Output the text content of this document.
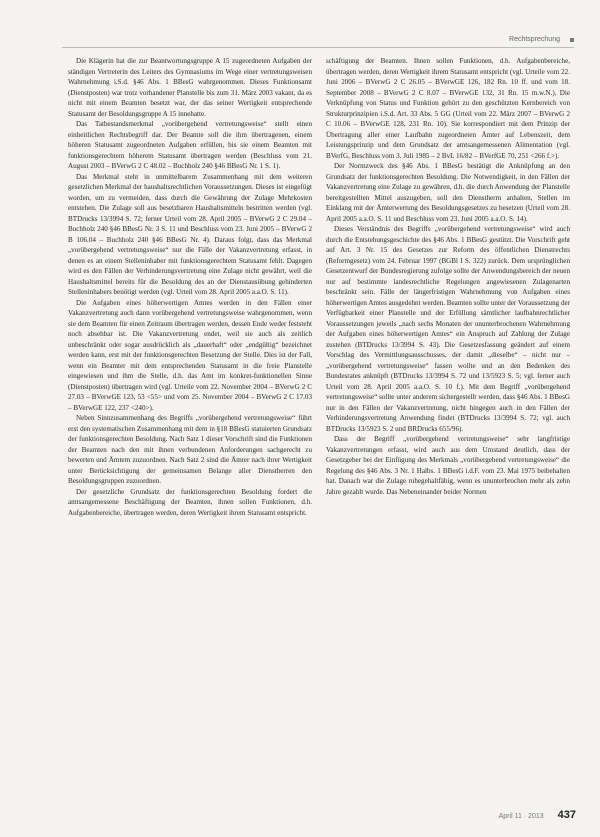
Rechtsprechung

Die Klägerin hat die zur Beantwortungsgruppe A 15 zugeordneten Aufgaben der ständigen Vertreterin des Leiters des Gymnasiums im Wege einer vertretungsweisen Wahrnehmung i.S.d. §46 Abs. 1 BBesG wahrgenommen. Dieses Funktionsamt (Dienstposten) war trotz vorhandener Planstelle bis zum 31. März 2003 vakant, da es nicht mit einem Beamten besetzt war, der das seiner Wertigkeit entsprechende Statusamt der Besoldungsgruppe A 15 innehatte.

Das Tatbestandsmerkmal „vorübergehend vertretungsweise“ stellt einen einheitlichen Rechtsbegriff dar. Der Beamte soll die ihm übertragenen, einem höheren Statusamt zugeordneten Aufgaben erfüllen, bis sie einem Beamten mit funktionsgerechtem höherem Statusamt übertragen werden (Beschluss vom 21. August 2003 – BVerwG 2 C 48.02 – Buchholz 240 §46 BBesG Nr. 1 S. 1).

Das Merkmal steht in unmittelbarem Zusammenhang mit dem weiteren gesetzlichen Merkmal der haushaltsrechtlichen Voraussetzungen. Dieses ist eingefügt worden, um zu vermeiden, dass durch die Gewährung der Zulage Mehrkosten entstehen. Die Zulage soll aus besetzbaren Haushaltsmitteln bestritten werden (vgl. BTDrucks 13/3994 S. 72; ferner Urteil vom 28. April 2005 – BVerwG 2 C 29.04 – Buchholz 240 §46 BBesG Nr. 3 S. 11 und Beschluss vom 23. Juni 2005 – BVerwG 2 B 106.04 – Buchholz 240 §46 BBesG Nr. 4). Daraus folgt, dass das Merkmal „vorübergehend vertretungsweise“ nur die Fälle der Vakanzvertretung erfasst, in denen es an einem Stelleninhaber mit funktionsgerechtem Statusamt fehlt. Dagegen wird es den Fällen der Verhinderungsvertretung eine Zulage nicht gewährt, weil die Haushaltsmittel bereits für die Besoldung des an der Dienstausübung gehinderten Stelleninhabers benötigt werden (vgl. Urteil vom 28. April 2005 a.a.O. S. 11).

Die Aufgaben eines höherwertigen Amtes werden in den Fällen einer Vakanzvertretung auch dann vorübergehend vertretungsweise wahrgenommen, wenn sie dem Beamten für einen Zeitraum übertragen werden, dessen Ende weder feststeht noch absehbar ist. Die Vakanzvertretung endet, weil sie auch als zeitlich unbeschränkt oder sogar ausdrücklich als „dauerhaft“ oder „endgültig“ bezeichnet werden kann, erst mit der funktionsgerechten Besetzung der Stelle. Dies ist der Fall, wenn ein Beamter mit dem entsprechenden Statusamt in die freie Planstelle eingewiesen und ihm die Stelle, d.h. das Amt im konkret-funktionellen Sinne (Dienstposten) übertragen wird (vgl. Urteile vom 22. November 2004 – BVerwG 2 C 27.03 – BVerwGE 123, 53 <55> und vom 25. November 2004 – BVerwG 2 C 17.03 – BVerwGE 122, 237 <240>).

Neben Sinnzusammenhang des Begriffs „vorübergehend vertretungsweise“ führt erst den systematischen Zusammenhang mit dem in §18 BBesG statuierten Grundsatz der funktionsgerechten Besoldung. Nach Satz 1 dieser Vorschrift sind die Funktionen der Beamten nach den mit ihnen verbundenen Anforderungen sachgerecht zu bewerten und Ämtern zuzuordnen. Nach Satz 2 sind die Ämter nach ihrer Wertigkeit unter Berücksichtigung der gemeinsamen Belange aller Dienstherren den Besoldungsgruppen zuzuordnen.

Der gesetzliche Grundsatz der funktionsgerechten Besoldung fordert die amtsangemessene Beschäftigung der Beamten, ihnen sollen Funktionen, d.h. Aufgabenbereiche, übertragen werden, deren Wertigkeit ihrem Statusamt entspricht.

schäftigung der Beamten. Ihnen sollen Funktionen, d.h. Aufgabenbereiche, übertragen werden, deren Wertigkeit ihrem Statusamt entspricht (vgl. Urteile vom 22. Juni 2006 – BVerwG 2 C 26.05 – BVerwGE 126, 182 Rn. 10 ff. und vom 18. September 2008 – BVerwG 2 C 8.07 – BVerwGE 132, 31 Rn. 15 m.w.N.). Die Verknüpfung von Status und Funktion gehört zu den geschützten Kernbereich von Strukturprinzipien i.S.d. Art. 33 Abs. 5 GG (Urteil vom 22. März 2007 – BVerwG 2 C 10.06 – BVerwGE 128, 231 Rn. 10). Sie korrespondiert mit dem Prinzip der Übertragung aller einer Laufbahn zugeordneten Ämter auf Lebenszeit, dem Leistungsprinzip und dem Grundsatz der amtsangemessenen Alimentation (vgl. BVerfG, Beschluss vom 3. Juli 1985 – 2 BvL 16/82 – BVerfGE 70, 251 <266 f.>).

Der Normzweck des §46 Abs. 1 BBesG bestätigt die Anknüpfung an den Grundsatz der funktionsgerechten Besoldung. Die Notwendigkeit, in den Fällen der Vakanzvertretung eine Zulage zu gewähren, d.h. die durch Anwendung der Planstelle bereitgestellten Mittel auszugeben, soll den Dienstherrn anhalten, Stellen im Einklang mit der Ämterwertung des Besoldungsgesetzes zu besetzen (Urteil vom 28. April 2005 a.a.O. S. 11 und Beschluss vom 23. Juni 2005 a.a.O. S. 14).

Dieses Verständnis des Begriffs „vorübergehend vertretungsweise“ wird auch durch die Entstehungsgeschichte des §46 Abs. 1 BBesG gestützt. Die Vorschrift geht auf Art. 3 Nr. 15 des Gesetzes zur Reform des öffentlichen Dienstrechts (Reformgesetz) vom 24. Februar 1997 (BGBl I S. 322) zurück. Dem ursprünglichen Gesetzentwurf der Bundesregierung zufolge sollte der Anwendungsbereich der neuen nur auf bestimmte landesrechtliche Regelungen angewiesenen Zulagenarten beschränkt sein. Fälle der längerfristigen Wahrnehmung von Aufgaben eines höherwertigen Amtes ausgedehnt werden. Beamten sollte unter der Voraussetzung der Verfügbarkeit einer Planstelle und der Erfüllung sämtlicher laufbahnrechtlicher Voraussetzungen jeweils „nach sechs Monaten der ununterbrochenen Wahrnehmung der Aufgaben eines höherwertigen Amtes“ ein Anspruch auf Zahlung der Zulage zustehen (BTDrucks 13/3994 S. 43). Die Gesetzesfassung geändert auf einem Vorschlag des Vermittlungsausschusses, der damit „dieselbe“ – nicht nur – „vorübergehend vertretungsweise“ fassen wollte und an den Bedenken des Bundesrates anknüpft (BTDrucks 13/3994 S. 72 und 13/5923 S. 5; vgl. ferner auch Urteil vom 28. April 2005 a.a.O. S. 10 f.). Mit dem Begriff „vorübergehend vertretungsweise“ sollte unter anderem sichergestellt werden, dass §46 Abs. 1 BBesG nur in den Fällen der Vakanzvertretung, nicht hingegen auch in den Fällen der Verhinderungsvertretung Anwendung findet (BTDrucks 13/3994 S. 72; vgl. auch BTDrucks 13/5923 S. 2 und BRDrucks 655/96).

Dass der Begriff „vorübergehend vertretungsweise“ sehr langfristige Vakanzvertretungen erfasst, wird auch aus dem Umstand deutlich, dass der Gesetzgeber bei der Einfügung des Merkmals „vorübergehend vertretungsweise“ die Regelung des §46 Abs. 3 Nr. 1 Halbs. 1 BBesG i.d.F. vom 23. Mai 1975 beibehalten hat. Danach war die Zulage ruhegehaltfähig, wenn es ununterbrochen mehr als zehn Jahre gezahlt wurde. Das Nebeneinander beider Normen

April 11 · 2013 437
